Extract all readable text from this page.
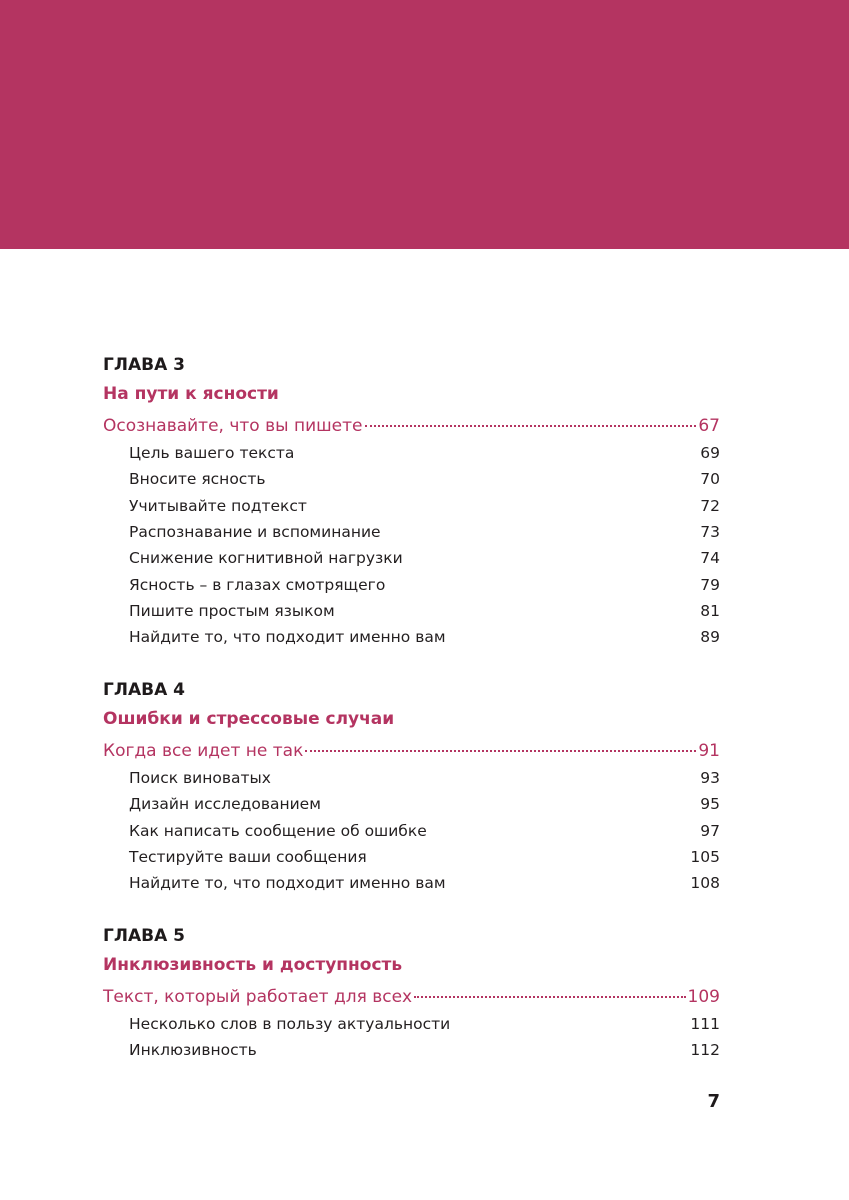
ГЛАВА 3
На пути к ясности
Осознавайте, что вы пишете	67
Цель вашего текста	69
Вносите ясность	70
Учитывайте подтекст	72
Распознавание и вспоминание	73
Снижение когнитивной нагрузки	74
Ясность – в глазах смотрящего	79
Пишите простым языком	81
Найдите то, что подходит именно вам	89
ГЛАВА 4
Ошибки и стрессовые случаи
Когда все идет не так	91
Поиск виноватых	93
Дизайн исследованием	95
Как написать сообщение об ошибке	97
Тестируйте ваши сообщения	105
Найдите то, что подходит именно вам	108
ГЛАВА 5
Инклюзивность и доступность
Текст, который работает для всех	109
Несколько слов в пользу актуальности	111
Инклюзивность	112
7
